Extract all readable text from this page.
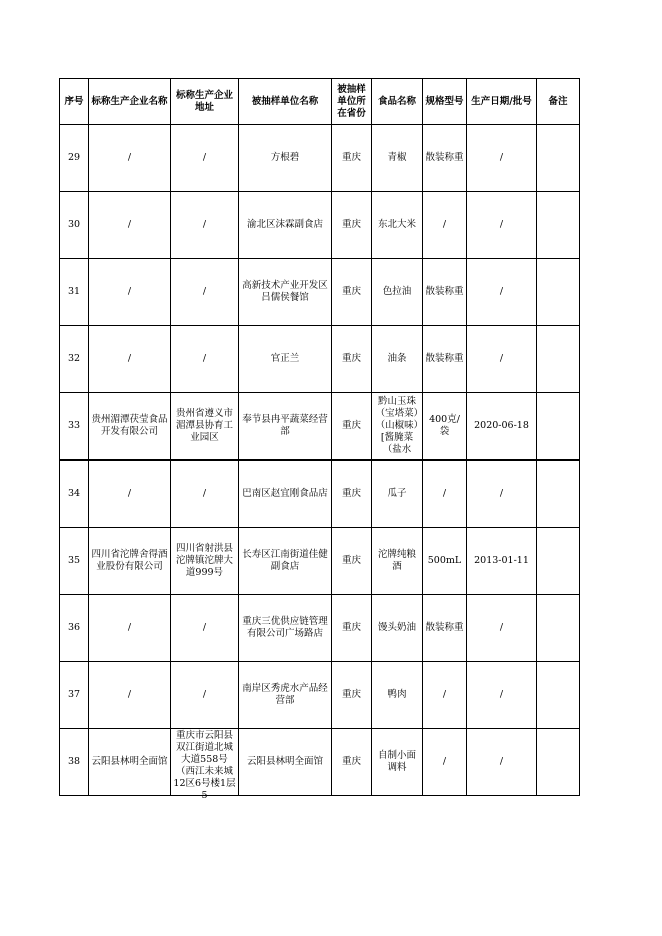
序号	标称生产企业名称	标称生产企业地址	被抽样单位名称	被抽样单位所在省份	食品名称	规格型号	生产日期/批号	备注
29	/	/	方根碧	重庆	青椒	散装称重	/	
30	/	/	渝北区沫霖副食店	重庆	东北大米	/	/	
31	/	/	高新技术产业开发区吕儒侯餐馆	重庆	色拉油	散装称重	/	
32	/	/	官正兰	重庆	油条	散装称重	/	
33	贵州湄潭茯莹食品开发有限公司	贵州省遵义市湄潭县协育工业园区	奉节县冉平蔬菜经营部	重庆	黔山玉珠（宝塔菜）（山椒味）[酱腌菜（盐水	400克/袋	2020-06-18	
34	/	/	巴南区赵宜刚食品店	重庆	瓜子	/	/	
35	四川省沱牌舍得酒业股份有限公司	四川省射洪县沱牌镇沱牌大道999号	长寿区江南街道佳健副食店	重庆	沱牌纯粮酒	500mL	2013-01-11	
36	/	/	重庆三优供应链管理有限公司广场路店	重庆	馒头奶油	散装称重	/	
37	/	/	南岸区秀虎水产品经营部	重庆	鸭肉	/	/	
38	云阳县林明全面馆	重庆市云阳县双江街道北城大道558号（西江未来城12区6号楼1层5	云阳县林明全面馆	重庆	自制小面调料	/	/	
